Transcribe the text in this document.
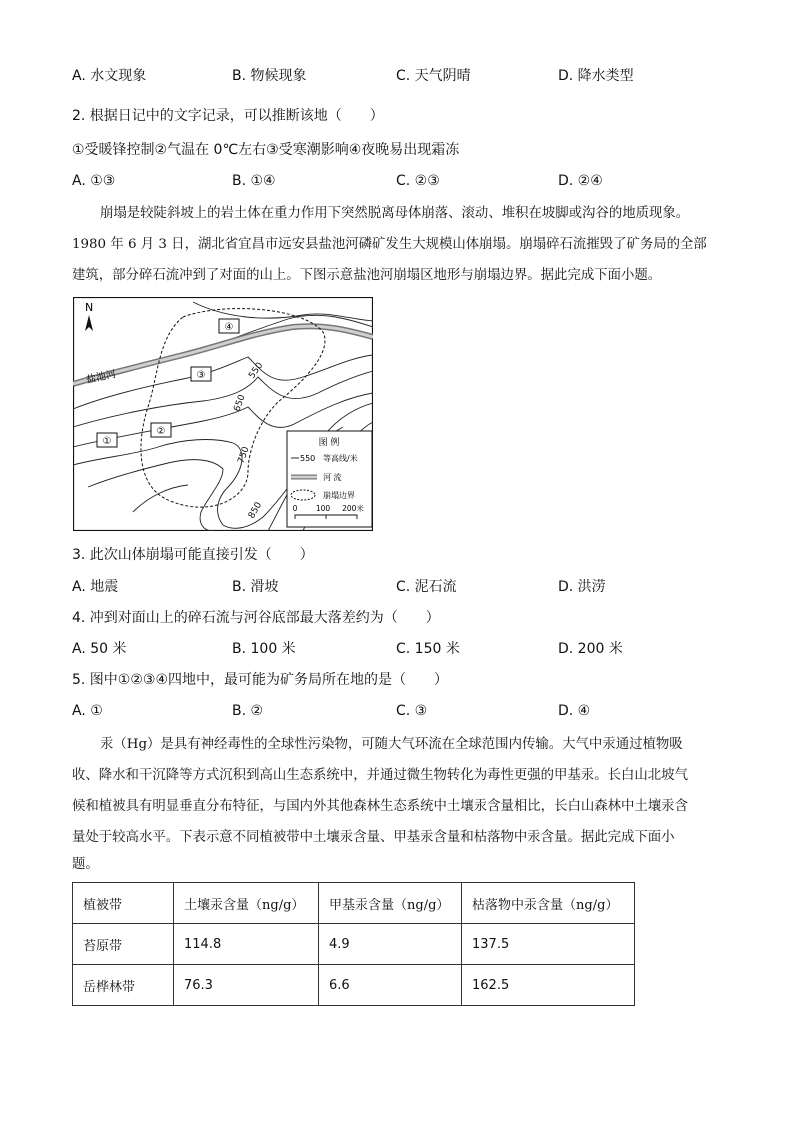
A. 水文现象	B. 物候现象	C. 天气阴晴	D. 降水类型
2. 根据日记中的文字记录，可以推断该地（　　）
①受暖锋控制②气温在 0℃左右③受寒潮影响④夜晚易出现霜冻
A. ①③	B. ①④	C. ②③	D. ②④
崩塌是较陡斜坡上的岩土体在重力作用下突然脱离母体崩落、滚动、堆积在坡脚或沟谷的地质现象。
1980 年 6 月 3 日，湖北省宜昌市远安县盐池河磷矿发生大规模山体崩塌。崩塌碎石流摧毁了矿务局的全部
建筑，部分碎石流冲到了对面的山上。下图示意盐池河崩塌区地形与崩塌边界。据此完成下面小题。
N
盐池河
①
②
③
④
550
650
750
850
图 例
550 等高线/米
河 流
崩塌边界
0 100 200米
3. 此次山体崩塌可能直接引发（　　）
A. 地震	B. 滑坡	C. 泥石流	D. 洪涝
4. 冲到对面山上的碎石流与河谷底部最大落差约为（　　）
A. 50 米	B. 100 米	C. 150 米	D. 200 米
5. 图中①②③④四地中，最可能为矿务局所在地的是（　　）
A. ①	B. ②	C. ③	D. ④
汞（Hg）是具有神经毒性的全球性污染物，可随大气环流在全球范围内传输。大气中汞通过植物吸
收、降水和干沉降等方式沉积到高山生态系统中，并通过微生物转化为毒性更强的甲基汞。长白山北坡气
候和植被具有明显垂直分布特征，与国内外其他森林生态系统中土壤汞含量相比，长白山森林中土壤汞含
量处于较高水平。下表示意不同植被带中土壤汞含量、甲基汞含量和枯落物中汞含量。据此完成下面小
题。
植被带	土壤汞含量（ng/g）	甲基汞含量（ng/g）	枯落物中汞含量（ng/g）
苔原带	114.8	4.9	137.5
岳桦林带	76.3	6.6	162.5
